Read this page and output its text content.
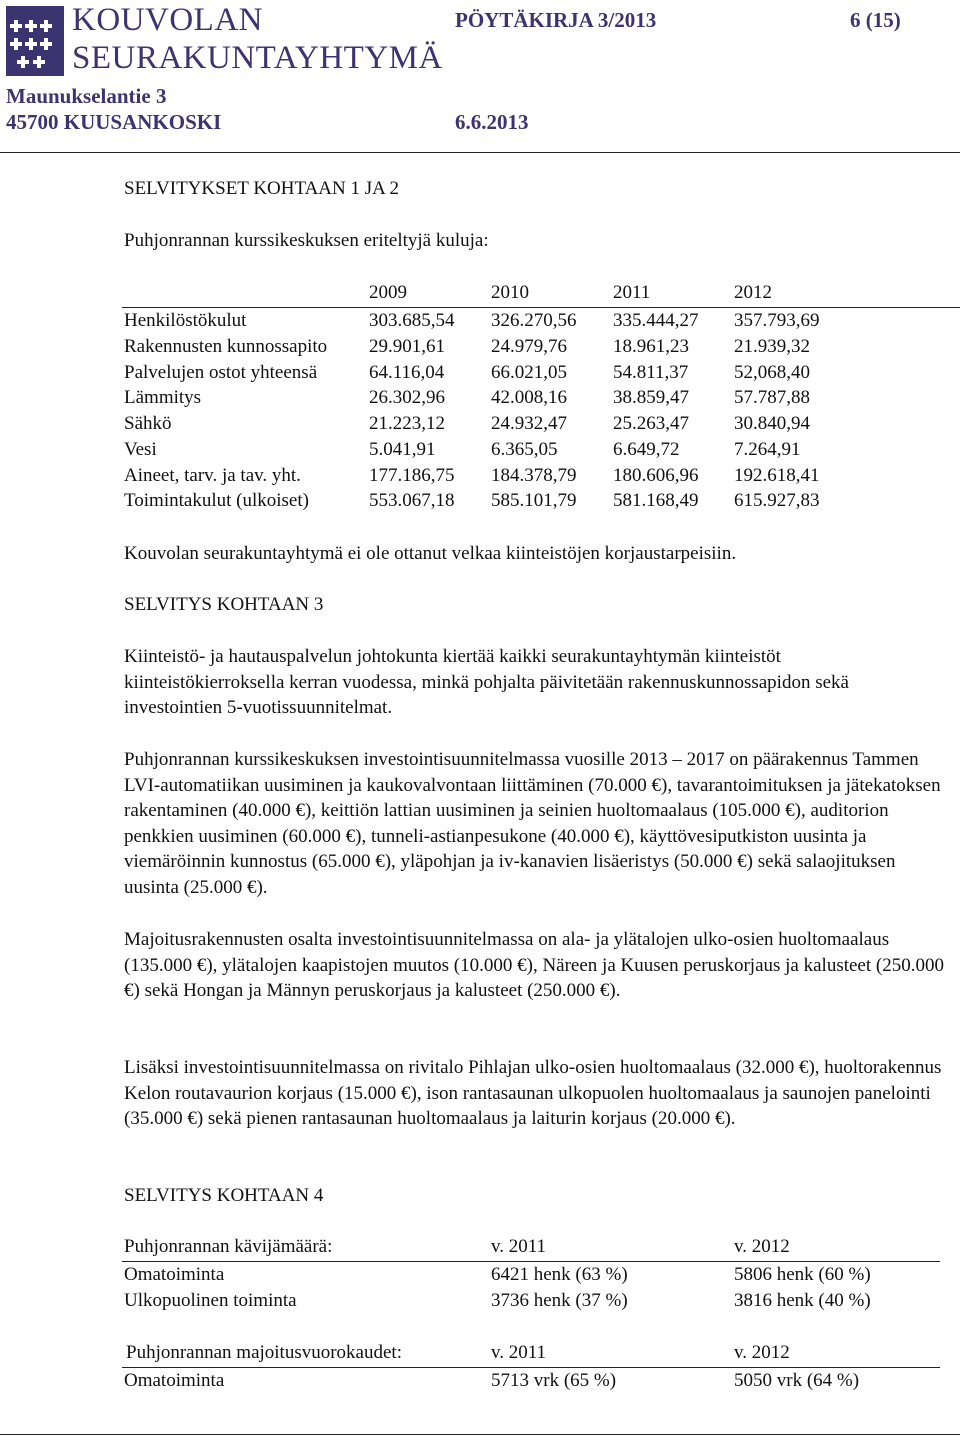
KOUVOLAN
SEURAKUNTAYHTYMÄ
PÖYTÄKIRJA 3/2013	6 (15)
Maunukselantie 3
45700 KUUSANKOSKI	6.6.2013
SELVITYKSET KOHTAAN 1 JA 2
Puhjonrannan kurssikeskuksen eriteltyjä kuluja:
2009	2010	2011	2012
Henkilöstökulut	303.685,54 326.270,56 335.444,27 357.793,69
Rakennusten kunnossapito 29.901,61 24.979,76 18.961,23 21.939,32
Palvelujen ostot yhteensä	64.116,04 66.021,05 54.811,37 52,068,40
Lämmitys	26.302,96 42.008,16 38.859,47 57.787,88
Sähkö	21.223,12 24.932,47 25.263,47 30.840,94
Vesi	5.041,91	6.365,05	6.649,72	7.264,91
Aineet, tarv. ja tav. yht.	177.186,75 184.378,79 180.606,96 192.618,41
Toimintakulut (ulkoiset)	553.067,18 585.101,79 581.168,49 615.927,83
Kouvolan seurakuntayhtymä ei ole ottanut velkaa kiinteistöjen korjaustarpeisiin.
SELVITYS KOHTAAN 3
Kiinteistö- ja hautauspalvelun johtokunta kiertää kaikki seurakuntayhtymän kiinteistöt kiinteistökierroksella kerran vuodessa, minkä pohjalta päivitetään rakennuskunnossapidon sekä investointien 5-vuotissuunnitelmat.
Puhjonrannan kurssikeskuksen investointisuunnitelmassa vuosille 2013 – 2017 on päärakennus Tammen LVI-automatiikan uusiminen ja kaukovalvontaan liittäminen (70.000 €), tavarantoimituksen ja jätekatoksen rakentaminen (40.000 €), keittiön lattian uusiminen ja seinien huoltomaalaus (105.000 €), auditorion penkkien uusiminen (60.000 €), tunneli-astianpesukone (40.000 €), käyttövesiputkiston uusinta ja viemäröinnin kunnostus (65.000 €), yläpohjan ja iv-kanavien lisäeristys (50.000 €) sekä salaojituksen uusinta (25.000 €).
Majoitusrakennusten osalta investointisuunnitelmassa on ala- ja ylätalojen ulko-osien huoltomaalaus (135.000 €), ylätalojen kaapistojen muutos (10.000 €), Näreen ja Kuusen peruskorjaus ja kalusteet (250.000 €) sekä Hongan ja Männyn peruskorjaus ja kalusteet (250.000 €).
Lisäksi investointisuunnitelmassa on rivitalo Pihlajan ulko-osien huoltomaalaus (32.000 €), huoltorakennus Kelon routavaurion korjaus (15.000 €), ison rantasaunan ulkopuolen huoltomaalaus ja saunojen panelointi (35.000 €) sekä pienen rantasaunan huoltomaalaus ja laiturin korjaus (20.000 €).
SELVITYS KOHTAAN 4
Puhjonrannan kävijämäärä:	v. 2011	v. 2012
Omatoiminta	6421 henk (63 %)	5806 henk (60 %)
Ulkopuolinen toiminta	3736 henk (37 %)	3816 henk (40 %)
Puhjonrannan majoitusvuorokaudet:	v. 2011	v. 2012
Omatoiminta	5713 vrk (65 %)	5050 vrk (64 %)
